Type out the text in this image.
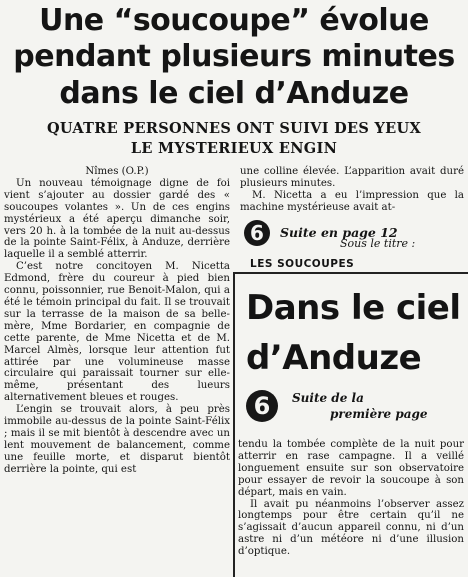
Une “soucoupe” évolue
pendant plusieurs minutes
dans le ciel d’Anduze
QUATRE PERSONNES ONT SUIVI DES YEUX
LE MYSTERIEUX ENGIN

Nîmes (O.P.)

Un nouveau témoignage digne de foi vient s’ajouter au dossier gardé des « soucoupes volantes ». Un de ces engins mystérieux a été aperçu dimanche soir, vers 20 h. à la tombée de la nuit au-dessus de la pointe Saint-Félix, à Anduze, derrière laquelle il a semblé atterrir.

C’est notre concitoyen M. Nicetta Edmond, frère du coureur à pied bien connu, poissonnier, rue Benoit-Malon, qui a été le témoin principal du fait. Il se trouvait sur la terrasse de la maison de sa belle-mère, Mme Bordarier, en compagnie de cette parente, de Mme Nicetta et de M. Marcel Almès, lorsque leur attention fut attirée par une volumineuse masse circulaire qui paraissait tourner sur elle-même, présentant des lueurs alternativement bleues et rouges.

L’engin se trouvait alors, à peu près immobile au-dessus de la pointe Saint-Félix ; mais il se mit bientôt à descendre avec un lent mouvement de balancement, comme une feuille morte, et disparut bientôt derrière la pointe, qui est

une colline élevée. L’apparition avait duré plusieurs minutes.

M. Nicetta a eu l’impression que la machine mystérieuse avait at-

6	Suite en page 12
Sous le titre :
LES SOUCOUPES
Dans le ciel
d’Anduze
6	Suite de la
première page

tendu la tombée complète de la nuit pour atterrir en rase campagne. Il a veillé longuement ensuite sur son observatoire pour essayer de revoir la soucoupe à son départ, mais en vain.

Il avait pu néanmoins l’observer assez longtemps pour être certain qu’il ne s’agissait d’aucun appareil connu, ni d’un astre ni d’un météore ni d’une illusion d’optique.
